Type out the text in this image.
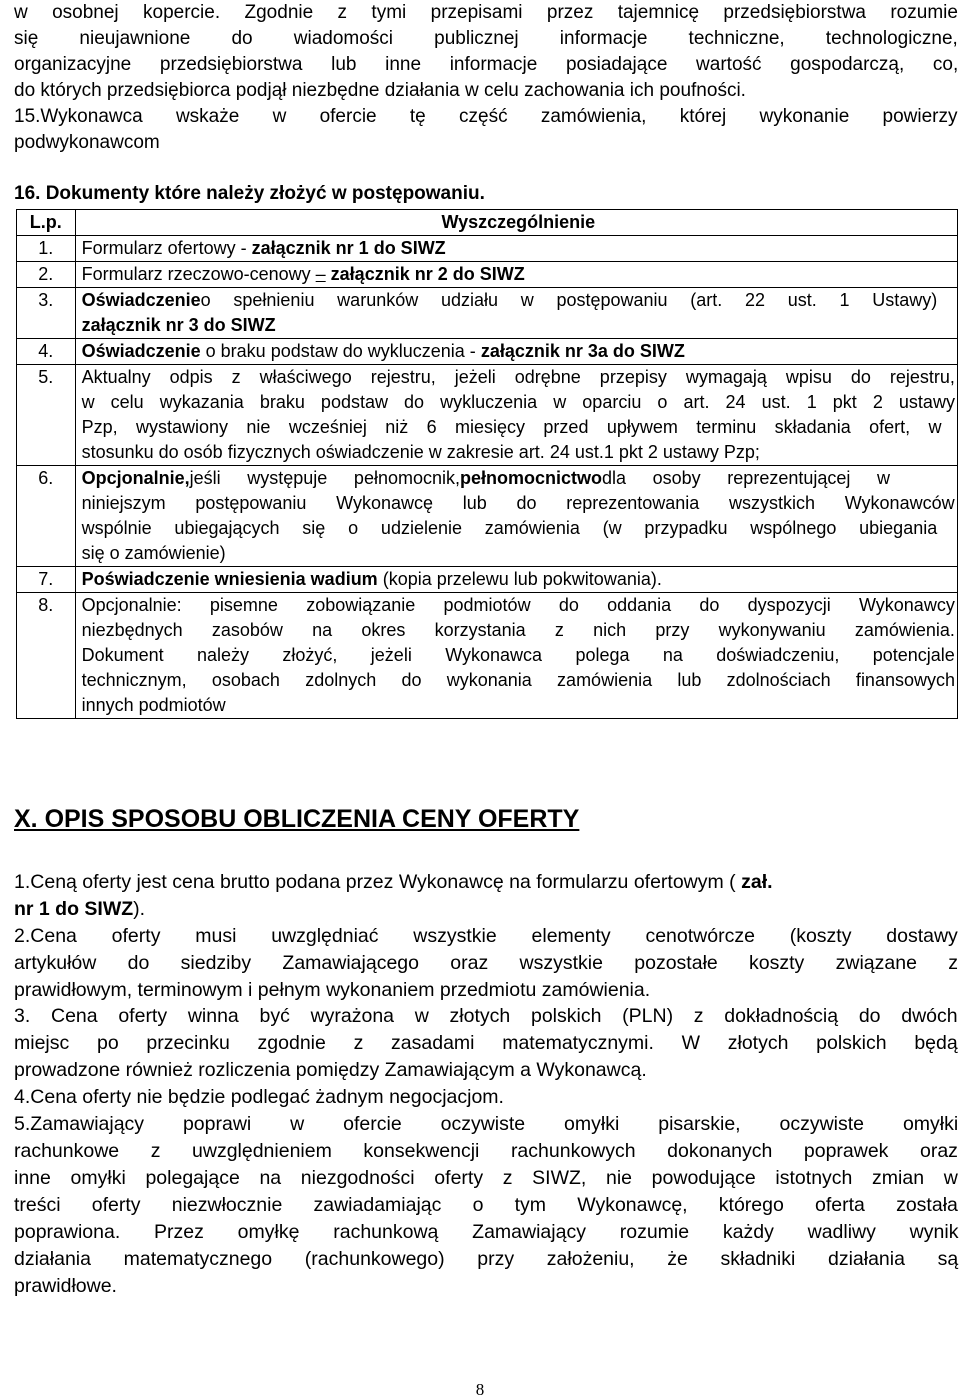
w osobnej kopercie. Zgodnie z tymi przepisami przez tajemnicę przedsiębiorstwa rozumie
się nieujawnione do wiadomości publicznej informacje techniczne, technologiczne,
organizacyjne przedsiębiorstwa lub inne informacje posiadające wartość gospodarczą, co,
do których przedsiębiorca podjął niezbędne działania w celu zachowania ich poufności.
15.Wykonawca wskaże w ofercie tę część zamówienia, której wykonanie powierzy
podwykonawcom
16. Dokumenty które należy złożyć w postępowaniu.
L.p.	Wyszczególnienie
1.	Formularz ofertowy - załącznik nr 1 do SIWZ
2.	Formularz rzeczowo-cenowy – załącznik nr 2 do SIWZ
3.	Oświadczenieo spełnieniu warunków udziału w postępowaniu (art. 22 ust. 1 Ustawy)
załącznik nr 3 do SIWZ

4.	Oświadczenie o braku podstaw do wykluczenia - załącznik nr 3a do SIWZ
5.	Aktualny odpis z właściwego rejestru, jeżeli odrębne przepisy wymagają wpisu do rejestru,
w celu wykazania braku podstaw do wykluczenia w oparciu o art. 24 ust. 1 pkt 2 ustawy
Pzp, wystawiony nie wcześniej niż 6 miesięcy przed upływem terminu składania ofert, w
stosunku do osób fizycznych oświadczenie w zakresie art. 24 ust.1 pkt 2 ustawy Pzp;

6.	Opcjonalnie,jeśli występuje pełnomocnik,pełnomocnictwodla osoby reprezentującej w
niniejszym postępowaniu Wykonawcę lub do reprezentowania wszystkich Wykonawców
wspólnie ubiegających się o udzielenie zamówienia (w przypadku wspólnego ubiegania
się o zamówienie)

7.	Poświadczenie wniesienia wadium (kopia przelewu lub pokwitowania).
8.	Opcjonalnie: pisemne zobowiązanie podmiotów do oddania do dyspozycji Wykonawcy
niezbędnych zasobów na okres korzystania z nich przy wykonywaniu zamówienia.
Dokument należy złożyć, jeżeli Wykonawca polega na doświadczeniu, potencjale
technicznym, osobach zdolnych do wykonania zamówienia lub zdolnościach finansowych
innych podmiotów
X. OPIS SPOSOBU OBLICZENIA CENY OFERTY
1.Ceną oferty jest cena brutto podana przez Wykonawcę na formularzu ofertowym ( zał.
nr 1 do SIWZ).
2.Cena oferty musi uwzględniać wszystkie elementy cenotwórcze (koszty dostawy
artykułów do siedziby Zamawiającego oraz wszystkie pozostałe koszty związane z
prawidłowym, terminowym i pełnym wykonaniem przedmiotu zamówienia.
3. Cena oferty winna być wyrażona w złotych polskich (PLN) z dokładnością do dwóch
miejsc po przecinku zgodnie z zasadami matematycznymi. W złotych polskich będą
prowadzone również rozliczenia pomiędzy Zamawiającym a Wykonawcą.
4.Cena oferty nie będzie podlegać żadnym negocjacjom.
5.Zamawiający poprawi w ofercie oczywiste omyłki pisarskie, oczywiste omyłki
rachunkowe z uwzględnieniem konsekwencji rachunkowych dokonanych poprawek oraz
inne omyłki polegające na niezgodności oferty z SIWZ, nie powodujące istotnych zmian w
treści oferty niezwłocznie zawiadamiając o tym Wykonawcę, którego oferta została
poprawiona. Przez omyłkę rachunkową Zamawiający rozumie każdy wadliwy wynik
działania matematycznego (rachunkowego) przy założeniu, że składniki działania są
prawidłowe.
8
